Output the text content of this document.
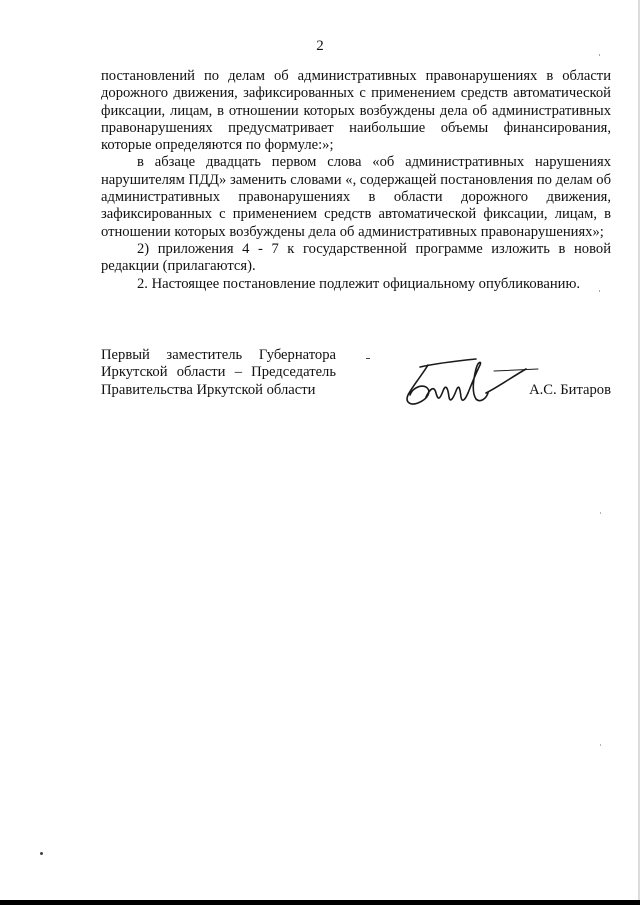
2

постановлений по делам об административных правонарушениях в области дорожного движения, зафиксированных с применением средств автоматической фиксации, лицам, в отношении которых возбуждены дела об административных правонарушениях предусматривает наибольшие объемы финансирования, которые определяются по формуле:»;

в абзаце двадцать первом слова «об административных нарушениях нарушителям ПДД» заменить словами «, содержащей постановления по делам об административных правонарушениях в области дорожного движения, зафиксированных с применением средств автоматической фиксации, лицам, в отношении которых возбуждены дела об административных правонарушениях»;

2) приложения 4 - 7 к государственной программе изложить в новой редакции (прилагаются).

2. Настоящее постановление подлежит официальному опубликованию.

Первый заместитель Губернатора
Иркутской области – Председатель
Правительства Иркутской области	А.С. Битаров
